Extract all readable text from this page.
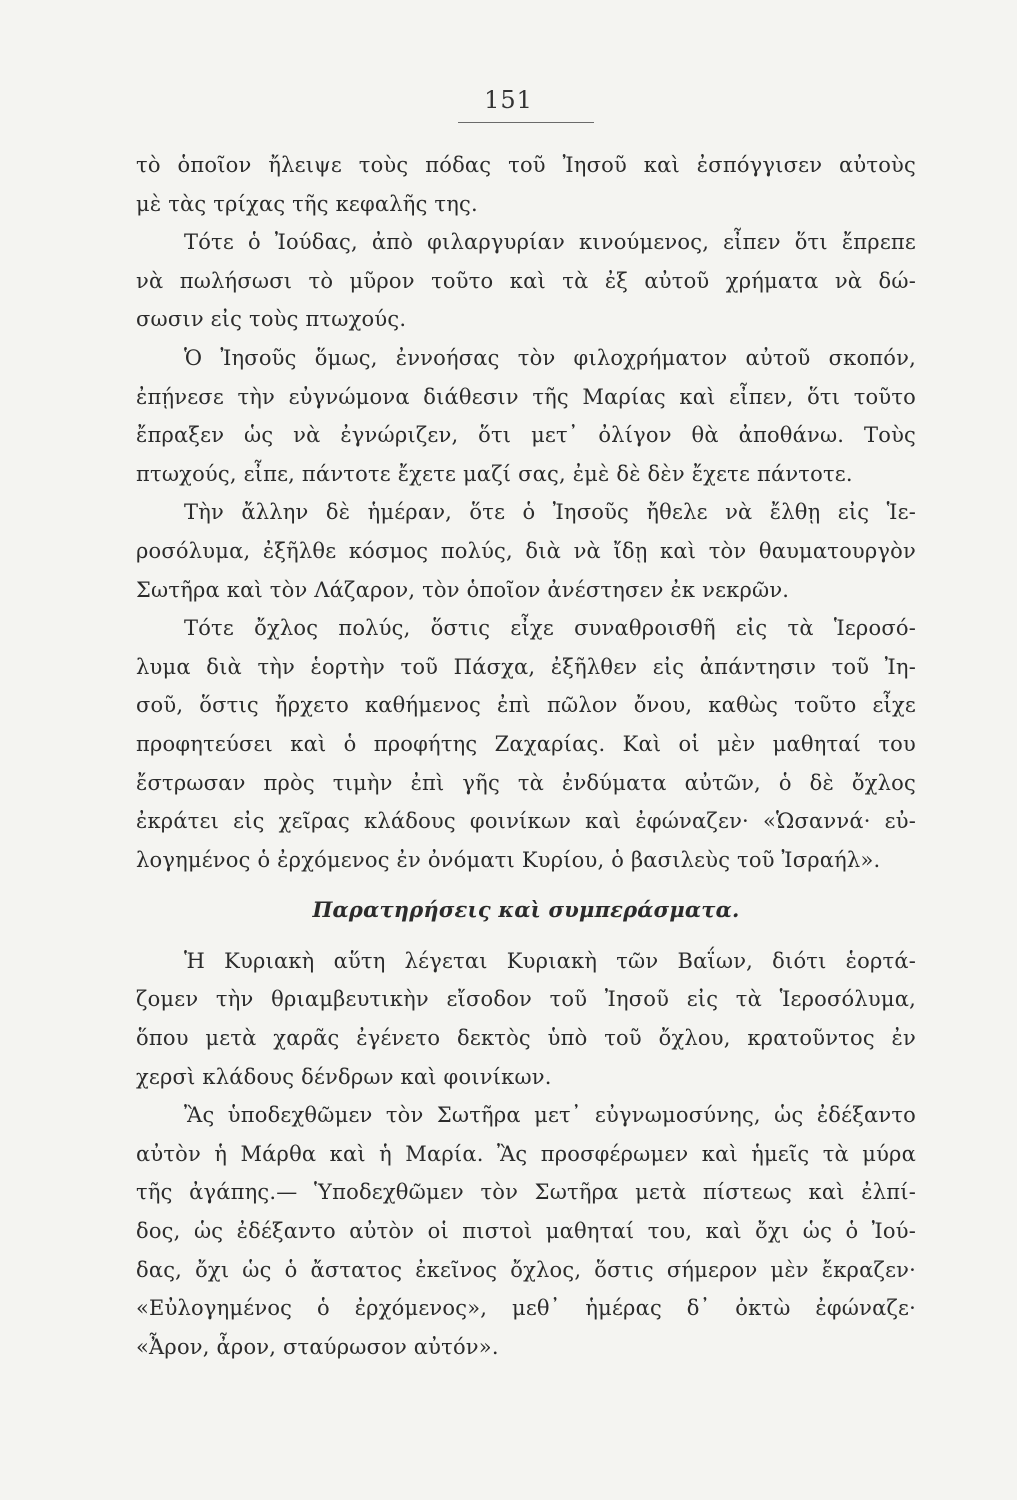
151
τὸ ὁποῖον ἤλειψε τοὺς πόδας τοῦ Ἰησοῦ καὶ ἐσπόγγισεν αὐτοὺς
μὲ τὰς τρίχας τῆς κεφαλῆς της.
Τότε ὁ Ἰούδας, ἀπὸ φιλαργυρίαν κινούμενος, εἶπεν ὅτι ἔπρεπε
νὰ πωλήσωσι τὸ μῦρον τοῦτο καὶ τὰ ἐξ αὐτοῦ χρήματα νὰ δώ-
σωσιν εἰς τοὺς πτωχούς.
Ὁ Ἰησοῦς ὅμως, ἐννοήσας τὸν φιλοχρήματον αὐτοῦ σκοπόν,
ἐπῄνεσε τὴν εὐγνώμονα διάθεσιν τῆς Μαρίας καὶ εἶπεν, ὅτι τοῦτο
ἔπραξεν ὡς νὰ ἐγνώριζεν, ὅτι μετ᾽ ὀλίγον θὰ ἀποθάνω. Τοὺς
πτωχούς, εἶπε, πάντοτε ἔχετε μαζί σας, ἐμὲ δὲ δὲν ἔχετε πάντοτε.
Τὴν ἄλλην δὲ ἡμέραν, ὅτε ὁ Ἰησοῦς ἤθελε νὰ ἔλθῃ εἰς Ἱε-
ροσόλυμα, ἐξῆλθε κόσμος πολύς, διὰ νὰ ἴδῃ καὶ τὸν θαυματουργὸν
Σωτῆρα καὶ τὸν Λάζαρον, τὸν ὁποῖον ἀνέστησεν ἐκ νεκρῶν.
Τότε ὄχλος πολύς, ὅστις εἶχε συναθροισθῆ εἰς τὰ Ἱεροσό-
λυμα διὰ τὴν ἑορτὴν τοῦ Πάσχα, ἐξῆλθεν εἰς ἀπάντησιν τοῦ Ἰη-
σοῦ, ὅστις ἤρχετο καθήμενος ἐπὶ πῶλον ὄνου, καθὼς τοῦτο εἶχε
προφητεύσει καὶ ὁ προφήτης Ζαχαρίας. Καὶ οἱ μὲν μαθηταί του
ἔστρωσαν πρὸς τιμὴν ἐπὶ γῆς τὰ ἐνδύματα αὐτῶν, ὁ δὲ ὄχλος
ἐκράτει εἰς χεῖρας κλάδους φοινίκων καὶ ἐφώναζεν· «Ὡσαννά· εὐ-
λογημένος ὁ ἐρχόμενος ἐν ὀνόματι Κυρίου, ὁ βασιλεὺς τοῦ Ἰσραήλ».
Παρατηρήσεις καὶ συμπεράσματα.
Ἡ Κυριακὴ αὕτη λέγεται Κυριακὴ τῶν Βαΐων, διότι ἑορτά-
ζομεν τὴν θριαμβευτικὴν εἴσοδον τοῦ Ἰησοῦ εἰς τὰ Ἱεροσόλυμα,
ὅπου μετὰ χαρᾶς ἐγένετο δεκτὸς ὑπὸ τοῦ ὄχλου, κρατοῦντος ἐν
χερσὶ κλάδους δένδρων καὶ φοινίκων.
Ἂς ὑποδεχθῶμεν τὸν Σωτῆρα μετ᾽ εὐγνωμοσύνης, ὡς ἐδέξαντο
αὐτὸν ἡ Μάρθα καὶ ἡ Μαρία. Ἂς προσφέρωμεν καὶ ἡμεῖς τὰ μύρα
τῆς ἀγάπης.— Ὑποδεχθῶμεν τὸν Σωτῆρα μετὰ πίστεως καὶ ἐλπί-
δος, ὡς ἐδέξαντο αὐτὸν οἱ πιστοὶ μαθηταί του, καὶ ὄχι ὡς ὁ Ἰού-
δας, ὄχι ὡς ὁ ἄστατος ἐκεῖνος ὄχλος, ὅστις σήμερον μὲν ἔκραζεν·
«Εὐλογημένος ὁ ἐρχόμενος», μεθ᾽ ἡμέρας δ᾽ ὀκτὼ ἐφώναζε·
«Ἆρον, ἆρον, σταύρωσον αὐτόν».
